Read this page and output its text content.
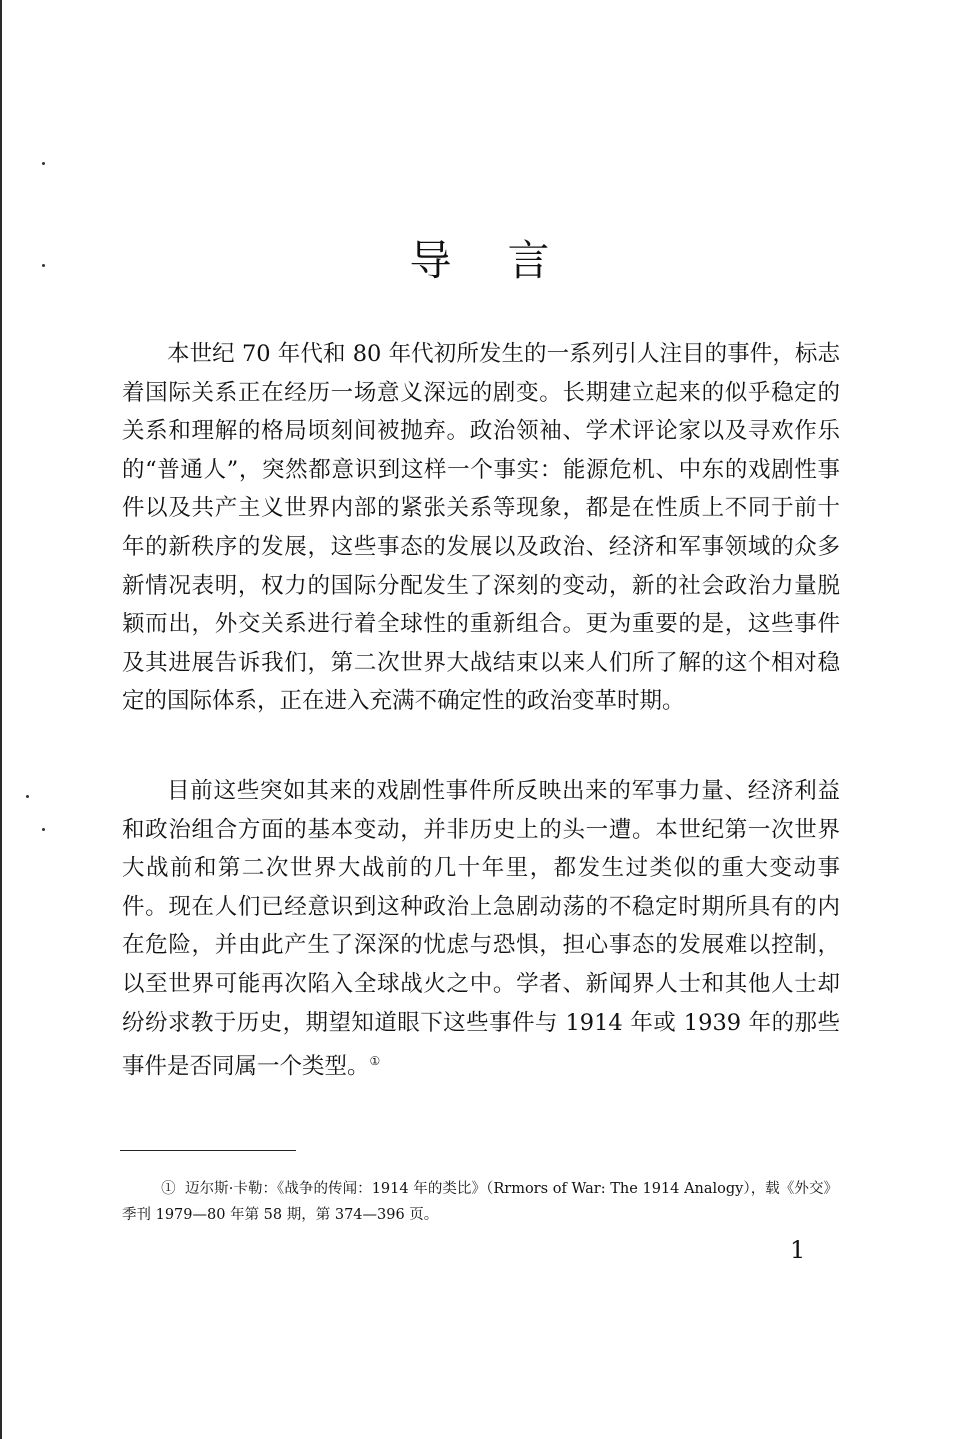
导 言

本世纪 70 年代和 80 年代初所发生的一系列引人注目的事件，标志着国际关系正在经历一场意义深远的剧变。长期建立起来的似乎稳定的关系和理解的格局顷刻间被抛弃。政治领袖、学术评论家以及寻欢作乐的“普通人”，突然都意识到这样一个事实：能源危机、中东的戏剧性事件以及共产主义世界内部的紧张关系等现象，都是在性质上不同于前十年的新秩序的发展，这些事态的发展以及政治、经济和军事领域的众多新情况表明，权力的国际分配发生了深刻的变动，新的社会政治力量脱颖而出，外交关系进行着全球性的重新组合。更为重要的是，这些事件及其进展告诉我们，第二次世界大战结束以来人们所了解的这个相对稳定的国际体系，正在进入充满不确定性的政治变革时期。

目前这些突如其来的戏剧性事件所反映出来的军事力量、经济利益和政治组合方面的基本变动，并非历史上的头一遭。本世纪第一次世界大战前和第二次世界大战前的几十年里，都发生过类似的重大变动事件。现在人们已经意识到这种政治上急剧动荡的不稳定时期所具有的内在危险，并由此产生了深深的忧虑与恐惧，担心事态的发展难以控制，以至世界可能再次陷入全球战火之中。学者、新闻界人士和其他人士却纷纷求教于历史，期望知道眼下这些事件与 1914 年或 1939 年的那些事件是否同属一个类型。①

① 迈尔斯·卡勒：《战争的传闻：1914 年的类比》（Rrmors of War: The 1914 Analogy），载《外交》季刊 1979—80 年第 58 期，第 374—396 页。

1
